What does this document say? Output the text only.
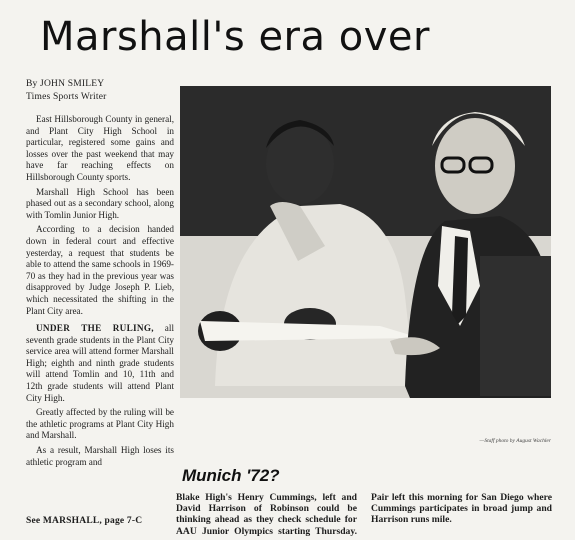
Marshall's era over
By JOHN SMILEY
Times Sports Writer

East Hillsborough County in general, and Plant City High School in particular, registered some gains and losses over the past weekend that may have far reaching effects on Hillsborough County sports.

Marshall High School has been phased out as a secondary school, along with Tomlin Junior High.

According to a decision handed down in federal court and effective yesterday, a request that students be able to attend the same schools in 1969-70 as they had in the previous year was disapproved by Judge Joseph P. Lieb, which necessitated the shifting in the Plant City area.

UNDER THE RULING, all seventh grade students in the Plant City service area will attend former Marshall High; eighth and ninth grade students will attend Tomlin and 10, 11th and 12th grade students will attend Plant City High.

Greatly affected by the ruling will be the athletic programs at Plant City High and Marshall.

As a result, Marshall High loses its athletic program and

See MARSHALL, page 7-C
—Staff photo by August Wachler
Munich '72?
Blake High's Henry Cummings, left and David Harrison of Robinson could be thinking ahead as they check schedule for AAU Junior Olympics starting Thursday. Pair left this morning for San Diego where Cummings participates in broad jump and Harrison runs mile.
